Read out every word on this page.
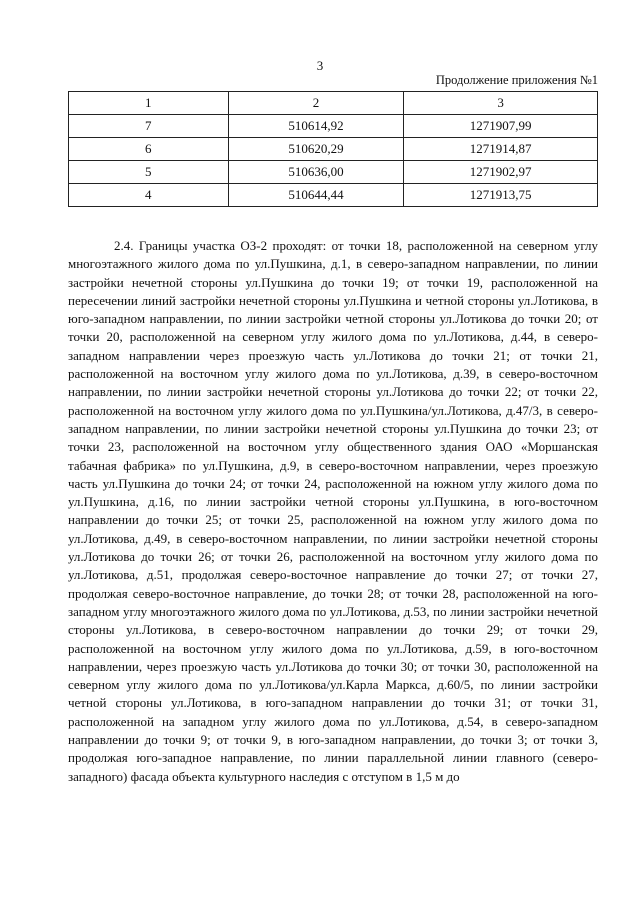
3
Продолжение приложения №1
1	2	3
7	510614,92	1271907,99
6	510620,29	1271914,87
5	510636,00	1271902,97
4	510644,44	1271913,75

2.4. Границы участка ОЗ-2 проходят: от точки 18, расположенной на северном углу многоэтажного жилого дома по ул.Пушкина, д.1, в северо-западном направлении, по линии застройки нечетной стороны ул.Пушкина до точки 19; от точки 19, расположенной на пересечении линий застройки нечетной стороны ул.Пушкина и четной стороны ул.Лотикова, в юго-западном направлении, по линии застройки четной стороны ул.Лотикова до точки 20; от точки 20, расположенной на северном углу жилого дома по ул.Лотикова, д.44, в северо-западном направлении через проезжую часть ул.Лотикова до точки 21; от точки 21, расположенной на восточном углу жилого дома по ул.Лотикова, д.39, в северо-восточном направлении, по линии застройки нечетной стороны ул.Лотикова до точки 22; от точки 22, расположенной на восточном углу жилого дома по ул.Пушкина/ул.Лотикова, д.47/3, в северо-западном направлении, по линии застройки нечетной стороны ул.Пушкина до точки 23; от точки 23, расположенной на восточном углу общественного здания ОАО «Моршанская табачная фабрика» по ул.Пушкина, д.9, в северо-восточном направлении, через проезжую часть ул.Пушкина до точки 24; от точки 24, расположенной на южном углу жилого дома по ул.Пушкина, д.16, по линии застройки четной стороны ул.Пушкина, в юго-восточном направлении до точки 25; от точки 25, расположенной на южном углу жилого дома по ул.Лотикова, д.49, в северо-восточном направлении, по линии застройки нечетной стороны ул.Лотикова до точки 26; от точки 26, расположенной на восточном углу жилого дома по ул.Лотикова, д.51, продолжая северо-восточное направление до точки 27; от точки 27, продолжая северо-восточное направление, до точки 28; от точки 28, расположенной на юго-западном углу многоэтажного жилого дома по ул.Лотикова, д.53, по линии застройки нечетной стороны ул.Лотикова, в северо-восточном направлении до точки 29; от точки 29, расположенной на восточном углу жилого дома по ул.Лотикова, д.59, в юго-восточном направлении, через проезжую часть ул.Лотикова до точки 30; от точки 30, расположенной на северном углу жилого дома по ул.Лотикова/ул.Карла Маркса, д.60/5, по линии застройки четной стороны ул.Лотикова, в юго-западном направлении до точки 31; от точки 31, расположенной на западном углу жилого дома по ул.Лотикова, д.54, в северо-западном направлении до точки 9; от точки 9, в юго-западном направлении, до точки 3; от точки 3, продолжая юго-западное направление, по линии параллельной линии главного (северо-западного) фасада объекта культурного наследия с отступом в 1,5 м до
